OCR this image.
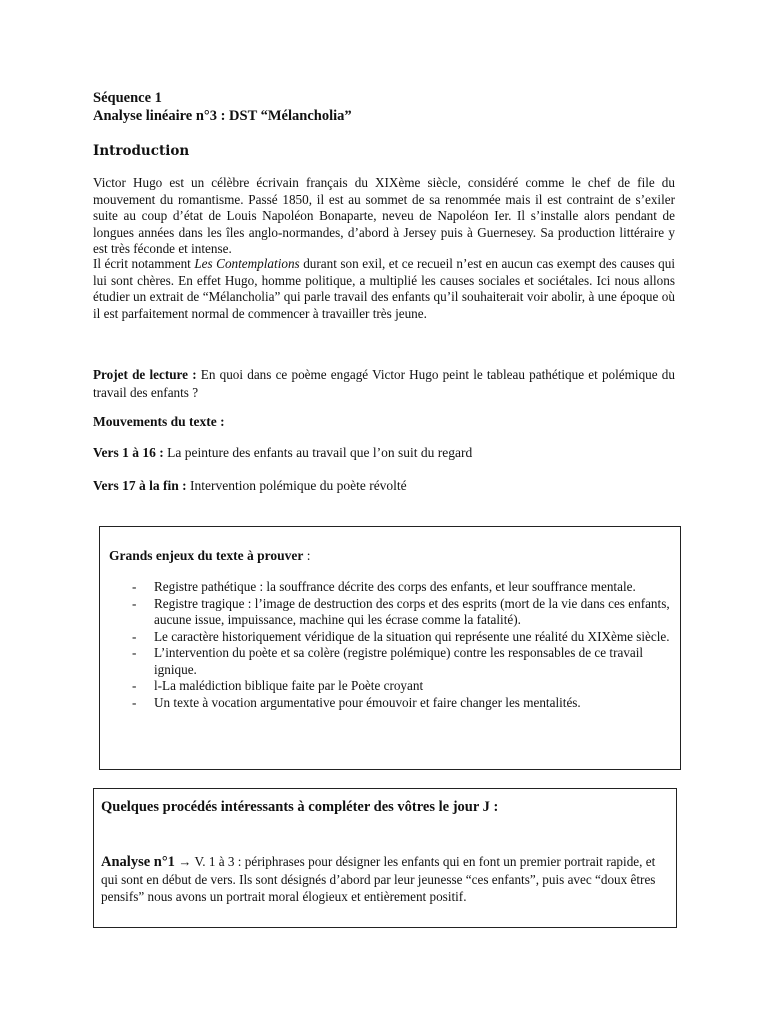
Séquence 1
Analyse linéaire n°3 : DST “Mélancholia”
Introduction

Victor Hugo est un célèbre écrivain français du XIXème siècle, considéré comme le chef de file du mouvement du romantisme. Passé 1850, il est au sommet de sa renommée mais il est contraint de s’exiler suite au coup d’état de Louis Napoléon Bonaparte, neveu de Napoléon Ier. Il s’installe alors pendant de longues années dans les îles anglo-normandes, d’abord à Jersey puis à Guernesey. Sa production littéraire y est très féconde et intense.

Il écrit notamment Les Contemplations durant son exil, et ce recueil n’est en aucun cas exempt des causes qui lui sont chères. En effet Hugo, homme politique, a multiplié les causes sociales et sociétales. Ici nous allons étudier un extrait de “Mélancholia” qui parle travail des enfants qu’il souhaiterait voir abolir, à une époque où il est parfaitement normal de commencer à travailler très jeune.

Projet de lecture : En quoi dans ce poème engagé Victor Hugo peint le tableau pathétique et polémique du travail des enfants ?
Mouvements du texte :
Vers 1 à 16 : La peinture des enfants au travail que l’on suit du regard
Vers 17 à la fin : Intervention polémique du poète révolté
Grands enjeux du texte à prouver :
- Registre pathétique : la souffrance décrite des corps des enfants, et leur souffrance mentale.
- Registre tragique : l’image de destruction des corps et des esprits (mort de la vie dans ces enfants, aucune issue, impuissance, machine qui les écrase comme la fatalité).
- Le caractère historiquement véridique de la situation qui représente une réalité du XIXème siècle.
- L’intervention du poète et sa colère (registre polémique) contre les responsables de ce travail ignique.
- l-La malédiction biblique faite par le Poète croyant
- Un texte à vocation argumentative pour émouvoir et faire changer les mentalités.
Quelques procédés intéressants à compléter des vôtres le jour J :
Analyse n°1 → V. 1 à 3 : périphrases pour désigner les enfants qui en font un premier portrait rapide, et qui sont en début de vers. Ils sont désignés d’abord par leur jeunesse “ces enfants”, puis avec “doux êtres pensifs” nous avons un portrait moral élogieux et entièrement positif.
